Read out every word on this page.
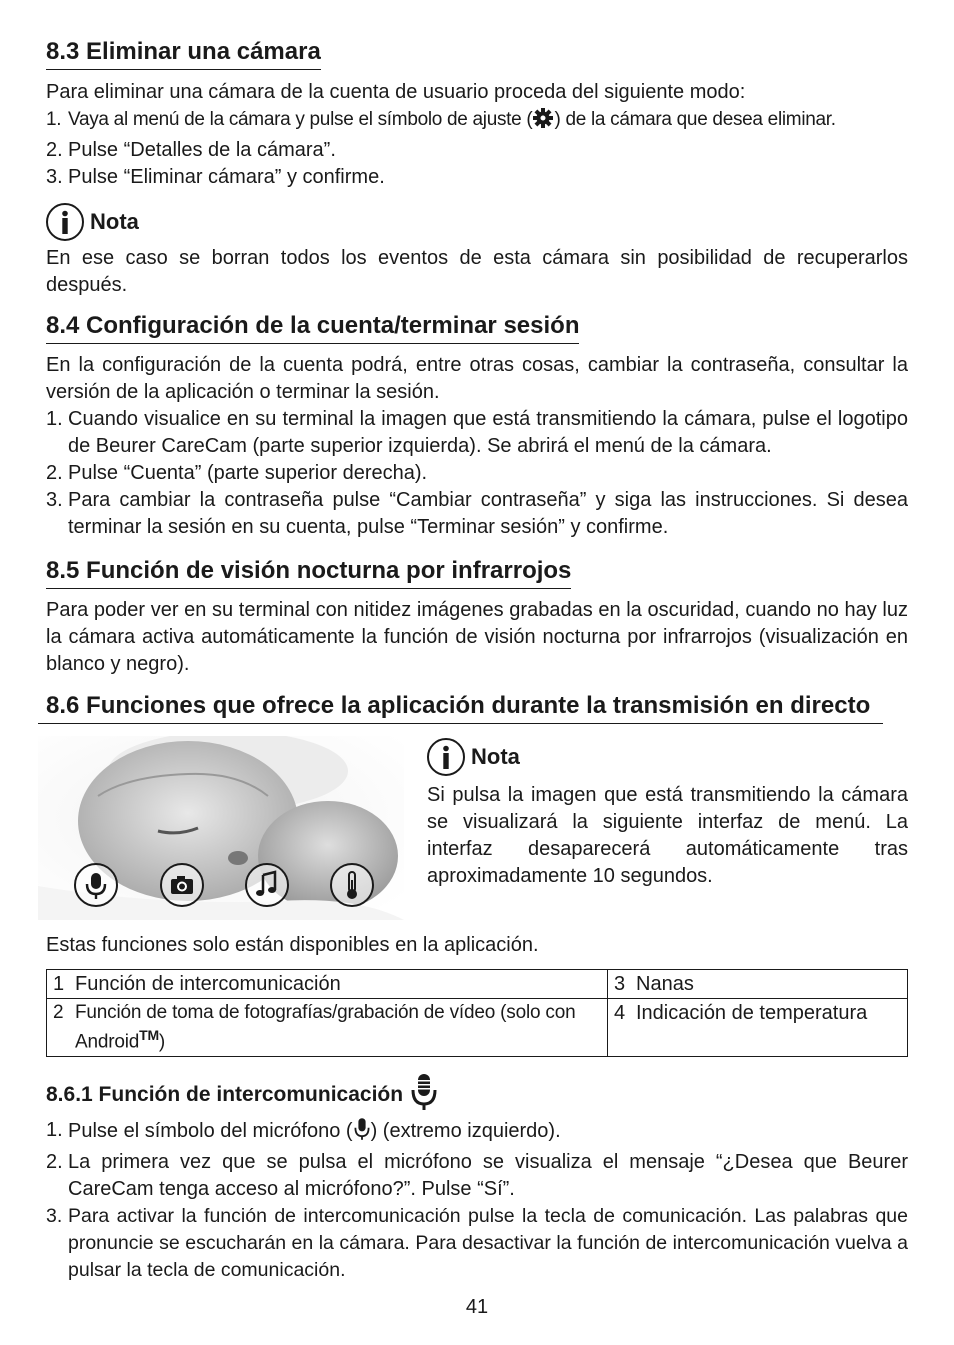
8.3 Eliminar una cámara

Para eliminar una cámara de la cuenta de usuario proceda del siguiente modo:

1. Vaya al menú de la cámara y pulse el símbolo de ajuste ( ) de la cámara que desea eliminar.
2. Pulse “Detalles de la cámara”.
3. Pulse “Eliminar cámara” y confirme.
Nota

En ese caso se borran todos los eventos de esta cámara sin posibilidad de recuperarlos después.

8.4 Configuración de la cuenta/terminar sesión

En la configuración de la cuenta podrá, entre otras cosas, cambiar la contraseña, consultar la versión de la aplicación o terminar la sesión.

1. Cuando visualice en su terminal la imagen que está transmitiendo la cámara, pulse el logotipo de Beurer CareCam (parte superior izquierda). Se abrirá el menú de la cámara.
2. Pulse “Cuenta” (parte superior derecha).
3. Para cambiar la contraseña pulse “Cambiar contraseña” y siga las instrucciones. Si desea terminar la sesión en su cuenta, pulse “Terminar sesión” y confirme.
8.5 Función de visión nocturna por infrarrojos

Para poder ver en su terminal con nitidez imágenes grabadas en la oscuridad, cuando no hay luz la cámara activa automáticamente la función de visión nocturna por infrarrojos (visualización en blanco y negro).

8.6 Funciones que ofrece la aplicación durante la transmisión en directo
Nota

Si pulsa la imagen que está transmitiendo la cámara se visualizará la siguiente interfaz de menú. La interfaz desaparecerá automáticamente tras aproximadamente 10 segundos.

Estas funciones solo están disponibles en la aplicación.

1 Función de intercomunicación	3 Nanas

2 Función de toma de fotografías/grabación de vídeo (solo con Android™)	4 Indicación de temperatura
8.6.1 Función de intercomunicación
1. Pulse el símbolo del micrófono ( ) (extremo izquierdo).
2. La primera vez que se pulsa el micrófono se visualiza el mensaje “¿Desea que Beurer CareCam tenga acceso al micrófono?”. Pulse “Sí”.
3. Para activar la función de intercomunicación pulse la tecla de comunicación. Las palabras que pronuncie se escucharán en la cámara. Para desactivar la función de intercomunicación vuelva a pulsar la tecla de comunicación.
41
